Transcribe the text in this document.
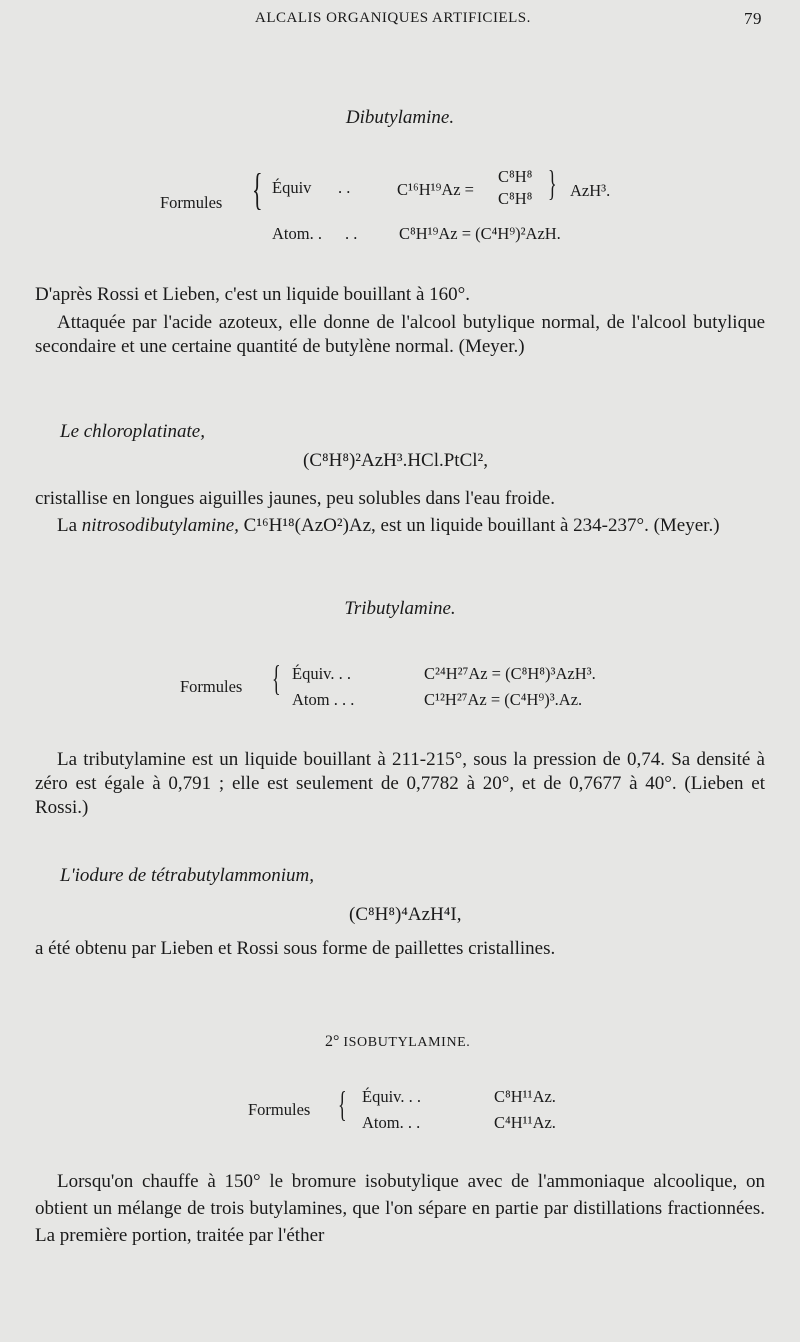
ALCALIS ORGANIQUES ARTIFICIELS.	79
Dibutylamine.
Formules { Équiv . .	C¹⁶H¹⁹Az =
C⁸H⁸
C⁸H⁸ } AzH³.
Atom. . . .	C⁸H¹⁹Az = (C⁴H⁹)²AzH.
D'après Rossi et Lieben, c'est un liquide bouillant à 160°.
Attaquée par l'acide azoteux, elle donne de l'alcool butylique normal, de l'alcool butylique secondaire et une certaine quantité de butylène normal. (Meyer.)
Le chloroplatinate,
(C⁸H⁸)²AzH³.HCl.PtCl²,
cristallise en longues aiguilles jaunes, peu solubles dans l'eau froide.
La nitrosodibutylamine, C¹⁶H¹⁸(AzO²)Az, est un liquide bouillant à 234-237°. (Meyer.)
Tributylamine.
Formules { Équiv. . .	C²⁴H²⁷Az = (C⁸H⁸)³AzH³.
Atom . . .	C¹²H²⁷Az = (C⁴H⁹)³.Az.
La tributylamine est un liquide bouillant à 211-215°, sous la pression de 0,74. Sa densité à zéro est égale à 0,791 ; elle est seulement de 0,7782 à 20°, et de 0,7677 à 40°. (Lieben et Rossi.)
L'iodure de tétrabutylammonium,
(C⁸H⁸)⁴AzH⁴I,
a été obtenu par Lieben et Rossi sous forme de paillettes cristallines.
2° ISOBUTYLAMINE.
Formules { Équiv. . .	C⁸H¹¹Az.
Atom. . .	C⁴H¹¹Az.
Lorsqu'on chauffe à 150° le bromure isobutylique avec de l'ammoniaque alcoolique, on obtient un mélange de trois butylamines, que l'on sépare en partie par distillations fractionnées. La première portion, traitée par l'éther
